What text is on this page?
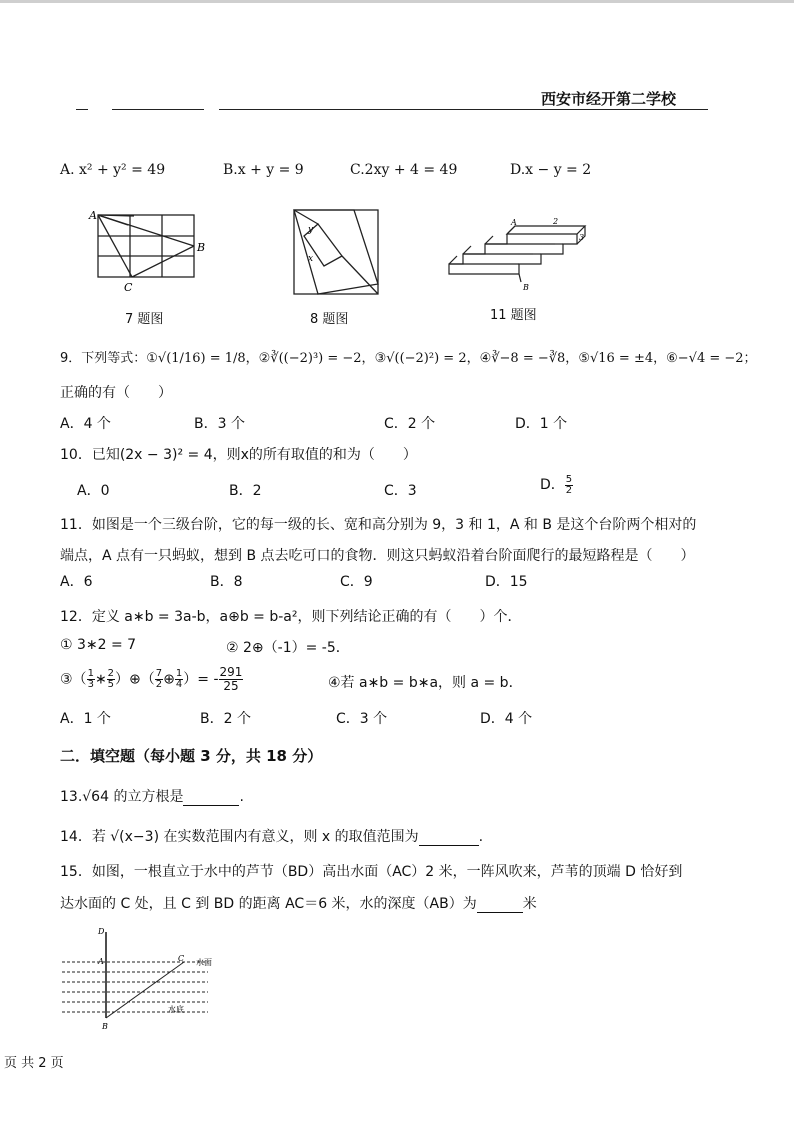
西安市经开第二学校
A. x² + y² = 49	B.x + y = 9	C.2xy + 4 = 49	D.x − y = 2
A
B
C
7 题图
y
x
8 题图
A	2
3
B
11 题图
9．下列等式：①√(1/16) = 1/8，②∛((−2)³) = −2，③√((−2)²) = 2，④∛−8 = −∛8，⑤√16 = ±4，⑥−√4 = −2；
正确的有（　　）
A．4 个	B．3 个	C．2 个	D．1 个
10．已知(2x − 3)² = 4，则x的所有取值的和为（　　）
A．0	B．2	C．3	D． $\frac{5}{2}$
11．如图是一个三级台阶，它的每一级的长、宽和高分别为 9，3 和 1，A 和 B 是这个台阶两个相对的
端点，A 点有一只蚂蚁，想到 B 点去吃可口的食物．则这只蚂蚁沿着台阶面爬行的最短路程是（　　）
A．6	B．8	C．9	D．15
12．定义 a∗b = 3a-b，a⊕b = b-a²，则下列结论正确的有（　　）个．
① 3∗2 = 7	② 2⊕（-1）= -5．
③（ $\frac{1}{3}$ ∗ $\frac{2}{5}$ ）⊕（ $\frac{7}{2}$ ⊕ $\frac{1}{4}$ ）= - $\frac{291}{25}$	④若 a∗b = b∗a，则 a = b．
A．1 个	B．2 个	C．3 个	D．4 个
二．填空题（每小题 3 分，共 18 分）
13.√64 的立方根是	.
14．若 √(x−3) 在实数范围内有意义，则 x 的取值范围为	.
15．如图，一根直立于水中的芦节（BD）高出水面（AC）2 米，一阵风吹来，芦苇的顶端 D 恰好到
达水面的 C 处，且 C 到 BD 的距离 AC＝6 米，水的深度（AB）为	米
D
A	C
B
水面
水底
页 共 2 页
